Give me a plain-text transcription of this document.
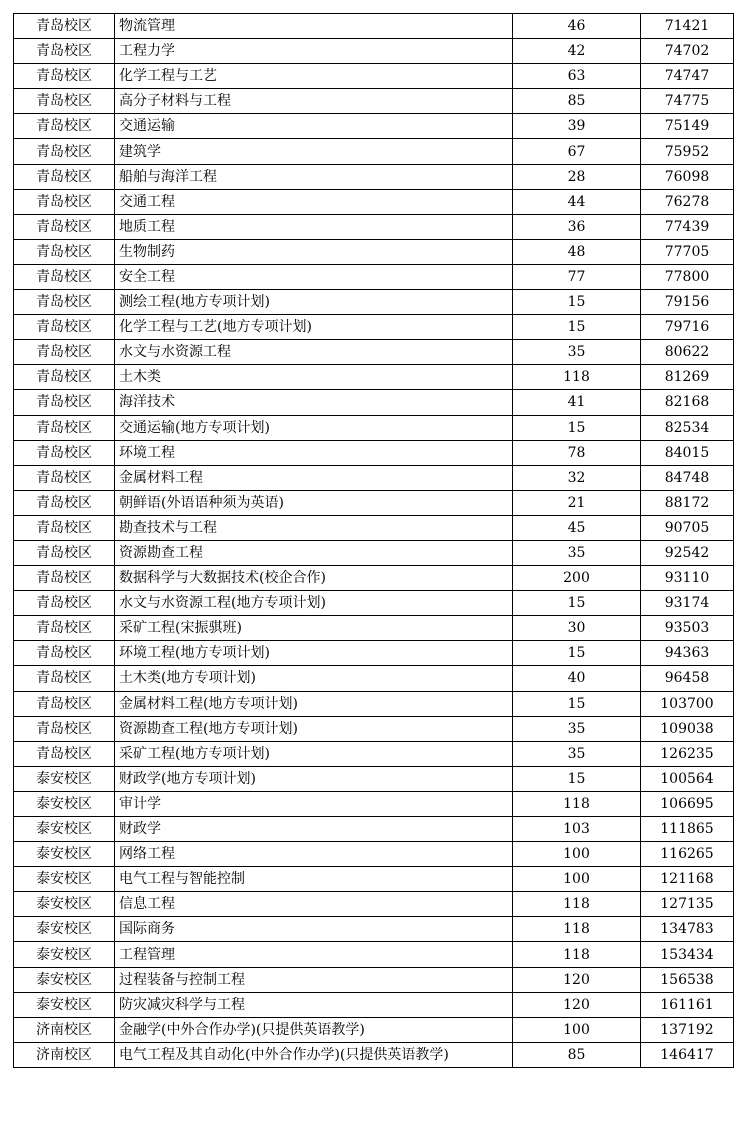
青岛校区	物流管理	46	71421
青岛校区	工程力学	42	74702
青岛校区	化学工程与工艺	63	74747
青岛校区	高分子材料与工程	85	74775
青岛校区	交通运输	39	75149
青岛校区	建筑学	67	75952
青岛校区	船舶与海洋工程	28	76098
青岛校区	交通工程	44	76278
青岛校区	地质工程	36	77439
青岛校区	生物制药	48	77705
青岛校区	安全工程	77	77800
青岛校区	测绘工程(地方专项计划)	15	79156
青岛校区	化学工程与工艺(地方专项计划)	15	79716
青岛校区	水文与水资源工程	35	80622
青岛校区	土木类	118	81269
青岛校区	海洋技术	41	82168
青岛校区	交通运输(地方专项计划)	15	82534
青岛校区	环境工程	78	84015
青岛校区	金属材料工程	32	84748
青岛校区	朝鲜语(外语语种须为英语)	21	88172
青岛校区	勘查技术与工程	45	90705
青岛校区	资源勘查工程	35	92542
青岛校区	数据科学与大数据技术(校企合作)	200	93110
青岛校区	水文与水资源工程(地方专项计划)	15	93174
青岛校区	采矿工程(宋振骐班)	30	93503
青岛校区	环境工程(地方专项计划)	15	94363
青岛校区	土木类(地方专项计划)	40	96458
青岛校区	金属材料工程(地方专项计划)	15	103700
青岛校区	资源勘查工程(地方专项计划)	35	109038
青岛校区	采矿工程(地方专项计划)	35	126235
泰安校区	财政学(地方专项计划)	15	100564
泰安校区	审计学	118	106695
泰安校区	财政学	103	111865
泰安校区	网络工程	100	116265
泰安校区	电气工程与智能控制	100	121168
泰安校区	信息工程	118	127135
泰安校区	国际商务	118	134783
泰安校区	工程管理	118	153434
泰安校区	过程装备与控制工程	120	156538
泰安校区	防灾减灾科学与工程	120	161161
济南校区	金融学(中外合作办学)(只提供英语教学)	100	137192
济南校区	电气工程及其自动化(中外合作办学)(只提供英语教学)	85	146417
